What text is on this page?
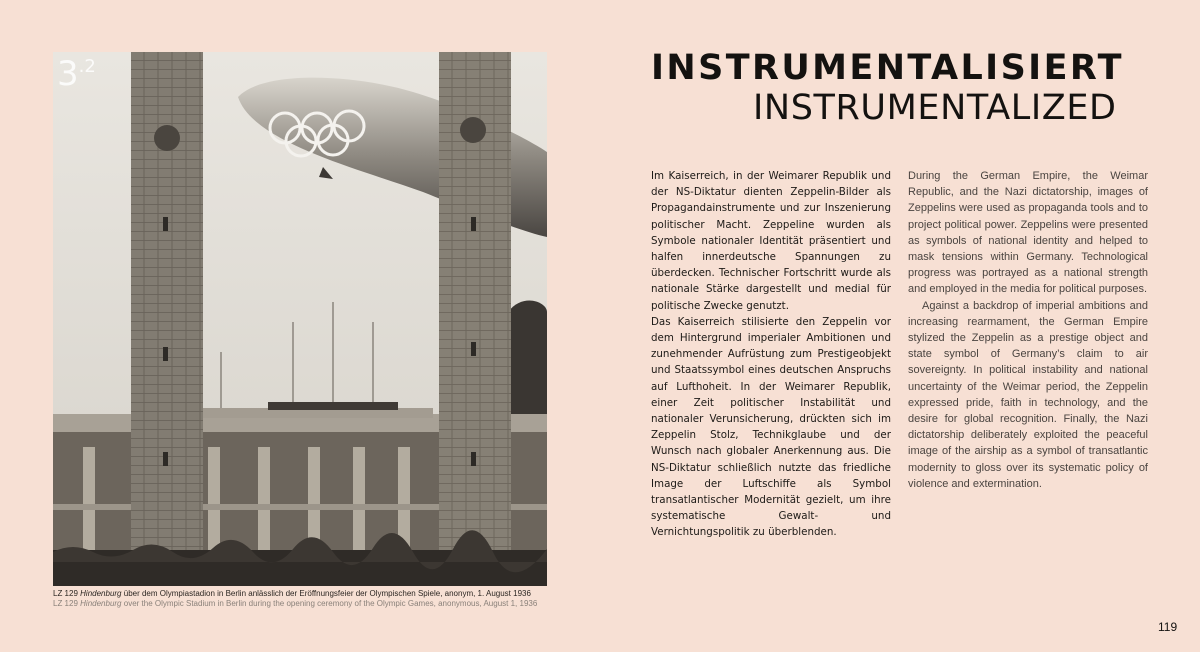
$3^{.2}$
LZ 129 Hindenburg über dem Olympiastadion in Berlin anlässlich der Eröffnungsfeier der Olympischen Spiele, anonym, 1. August 1936
LZ 129 Hindenburg over the Olympic Stadium in Berlin during the opening ceremony of the Olympic Games, anonymous, August 1, 1936
INSTRUMENTALISIERT
INSTRUMENTALIZED

Im Kaiserreich, in der Weimarer Republik und der NS-Diktatur dienten Zeppelin-Bilder als Propagandainstrumente und zur Inszenierung politischer Macht. Zeppeline wurden als Symbole nationaler Identität präsentiert und halfen innerdeutsche Spannungen zu überdecken. Technischer Fortschritt wurde als nationale Stärke dargestellt und medial für politische Zwecke genutzt.

Das Kaiserreich stilisierte den Zeppelin vor dem Hintergrund imperialer Ambitionen und zunehmender Aufrüstung zum Prestigeobjekt und Staatssymbol eines deutschen Anspruchs auf Lufthoheit. In der Weimarer Republik, einer Zeit politischer Instabilität und nationaler Verunsicherung, drückten sich im Zeppelin Stolz, Technikglaube und der Wunsch nach globaler Anerkennung aus. Die NS-Diktatur schließlich nutzte das friedliche Image der Luftschiffe als Symbol transatlantischer Modernität gezielt, um ihre systematische Gewalt- und Vernichtungspolitik zu überblenden.

During the German Empire, the Weimar Republic, and the Nazi dictatorship, images of Zeppelins were used as propaganda tools and to project political power. Zeppelins were presented as symbols of national identity and helped to mask tensions within Germany. Technological progress was portrayed as a national strength and employed in the media for political purposes.

Against a backdrop of imperial ambitions and increasing rearmament, the German Empire stylized the Zeppelin as a prestige object and state symbol of Germany’s claim to air sovereignty. In political instability and national uncertainty of the Weimar period, the Zeppelin expressed pride, faith in technology, and the desire for global recognition. Finally, the Nazi dictatorship deliberately exploited the peaceful image of the airship as a symbol of transatlantic modernity to gloss over its systematic policy of violence and extermination.

119
